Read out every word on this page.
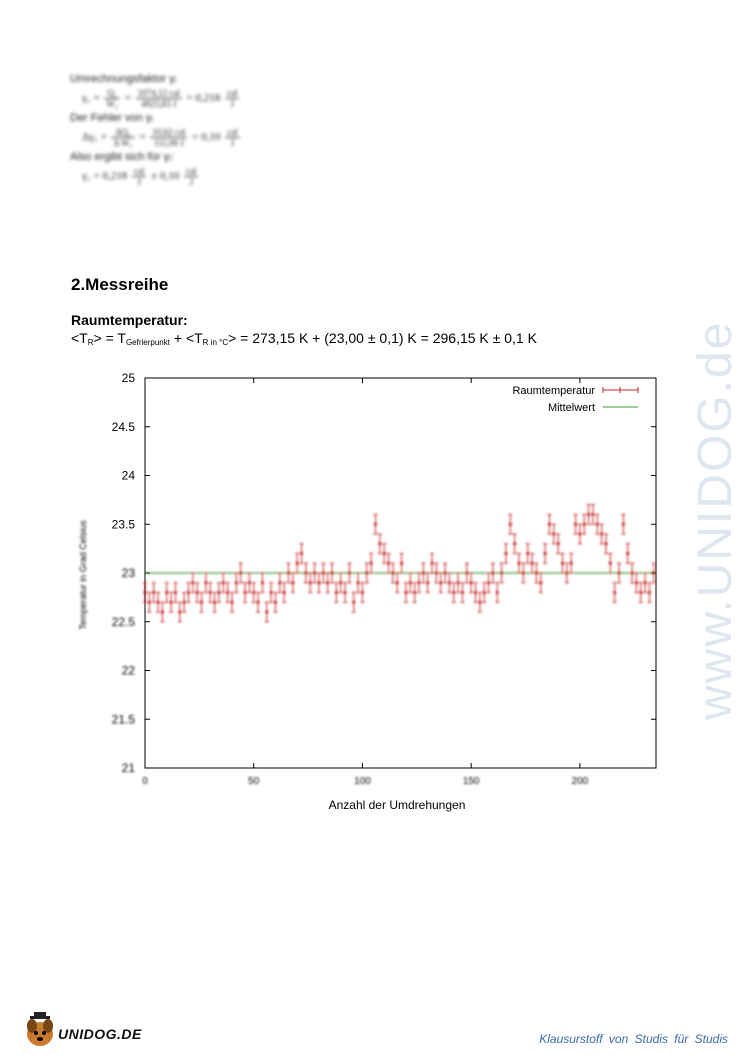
Umrechnungsfaktor γᵢ
$\gamma_1 = \frac{\text{Q₁}}{\text{W₁}} = \frac{\text{1074,12 cal}}{4923,83 J} = 0,218 \frac{\text{cal}}{J}$
Der Fehler von γᵢ
$\Delta\gamma_1 = \frac{\text{ΔQ₁}}{\text{Δ W₁}} = \frac{\text{10,62 cal}}{111,00 J} = 0,10 \frac{\text{cal}}{J}$
Also ergibt sich für γᵢ:
$\gamma_1 = 0,218 \frac{\text{cal}}{J} \pm 0,10 \frac{\text{cal}}{J}$
2.Messreihe
Raumtemperatur:
$<T_R> = T_{Gefrierpunkt} + <T_{R in ^\circ C}> = 273,15$ K + (23,00 ± 0,1) K = 296,15 K ± 0,1 K
21
21.5
22
22.5
23
23.5
24
24.5
25
0	50	100	150	200
Anzahl der Umdrehungen
Temperatur in Grad Celsius
Raumtemperatur
Mittelwert www.UNIDOG.de
UNIDOG.DE	Klausurstoff von Studis für Studis
